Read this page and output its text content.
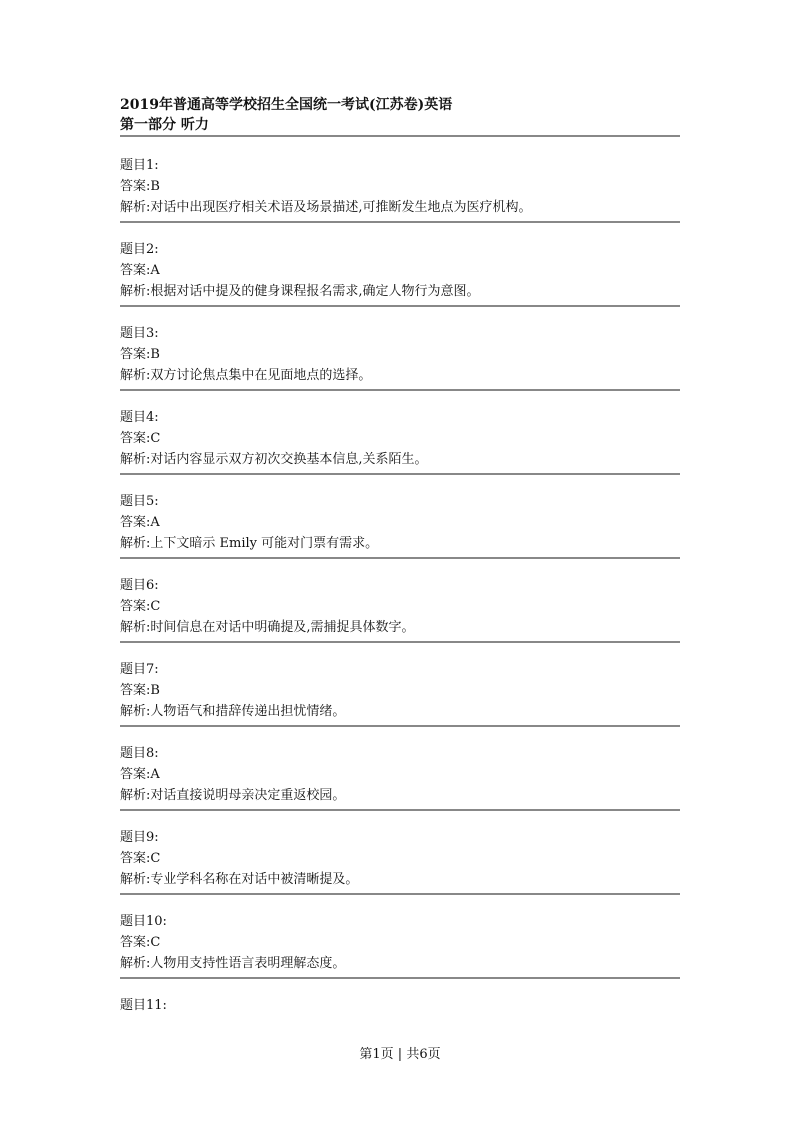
2019年普通高等学校招生全国统一考试(江苏卷)英语

第一部分 听力

题目1:
答案:B
解析:对话中出现医疗相关术语及场景描述,可推断发生地点为医疗机构。
题目2:
答案:A
解析:根据对话中提及的健身课程报名需求,确定人物行为意图。
题目3:
答案:B
解析:双方讨论焦点集中在见面地点的选择。
题目4:
答案:C
解析:对话内容显示双方初次交换基本信息,关系陌生。
题目5:
答案:A
解析:上下文暗示 Emily 可能对门票有需求。
题目6:
答案:C
解析:时间信息在对话中明确提及,需捕捉具体数字。
题目7:
答案:B
解析:人物语气和措辞传递出担忧情绪。
题目8:
答案:A
解析:对话直接说明母亲决定重返校园。
题目9:
答案:C
解析:专业学科名称在对话中被清晰提及。
题目10:
答案:C
解析:人物用支持性语言表明理解态度。
题目11:
第1页 | 共6页
